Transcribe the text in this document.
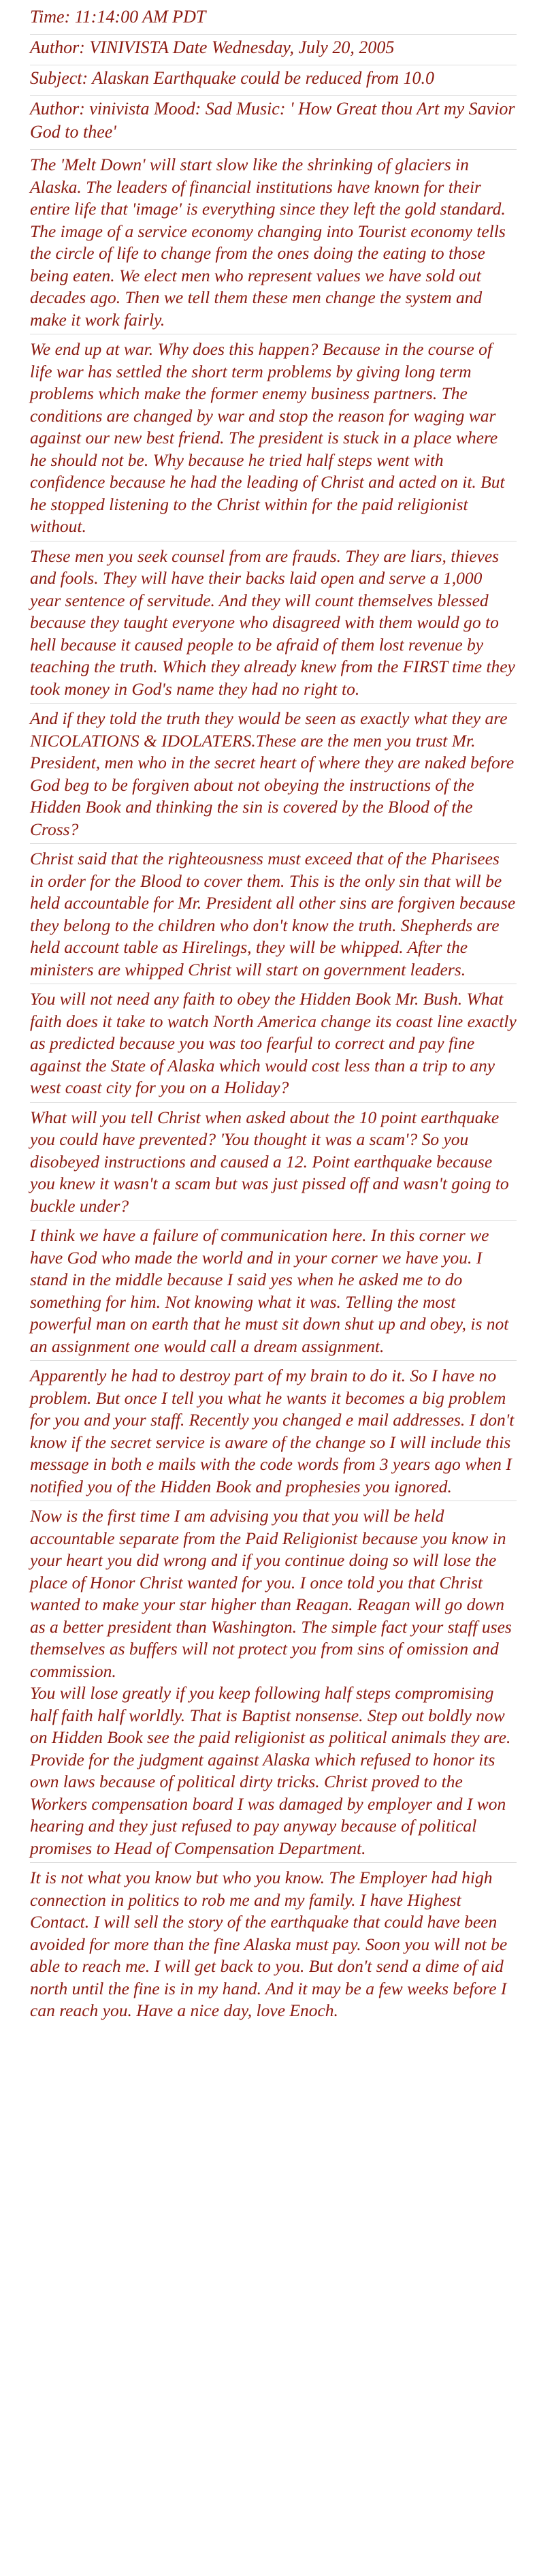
Time: 11:14:00 AM PDT

Author: VINIVISTA Date Wednesday, July 20, 2005

Subject: Alaskan Earthquake could be reduced from 10.0

Author: vinivista Mood: Sad Music: ' How Great thou Art my Savior God to thee'

The 'Melt Down' will start slow like the shrinking of glaciers in Alaska. The leaders of financial institutions have known for their entire life that 'image' is everything since they left the gold standard. The image of a service economy changing into Tourist economy tells the circle of life to change from the ones doing the eating to those being eaten. We elect men who represent values we have sold out decades ago. Then we tell them these men change the system and make it work fairly.

We end up at war. Why does this happen? Because in the course of life war has settled the short term problems by giving long term problems which make the former enemy business partners. The conditions are changed by war and stop the reason for waging war against our new best friend. The president is stuck in a place where he should not be. Why because he tried half steps went with confidence because he had the leading of Christ and acted on it. But he stopped listening to the Christ within for the paid religionist without.

These men you seek counsel from are frauds. They are liars, thieves and fools. They will have their backs laid open and serve a 1,000 year sentence of servitude. And they will count themselves blessed because they taught everyone who disagreed with them would go to hell because it caused people to be afraid of them lost revenue by teaching the truth. Which they already knew from the FIRST time they took money in God's name they had no right to.

And if they told the truth they would be seen as exactly what they are NICOLATIONS & IDOLATERS.These are the men you trust Mr. President, men who in the secret heart of where they are naked before God beg to be forgiven about not obeying the instructions of the Hidden Book and thinking the sin is covered by the Blood of the Cross?

Christ said that the righteousness must exceed that of the Pharisees in order for the Blood to cover them. This is the only sin that will be held accountable for Mr. President all other sins are forgiven because they belong to the children who don't know the truth. Shepherds are held account table as Hirelings, they will be whipped. After the ministers are whipped Christ will start on government leaders.

You will not need any faith to obey the Hidden Book Mr. Bush. What faith does it take to watch North America change its coast line exactly as predicted because you was too fearful to correct and pay fine against the State of Alaska which would cost less than a trip to any west coast city for you on a Holiday?

What will you tell Christ when asked about the 10 point earthquake you could have prevented? 'You thought it was a scam'? So you disobeyed instructions and caused a 12. Point earthquake because you knew it wasn't a scam but was just pissed off and wasn't going to buckle under?

I think we have a failure of communication here. In this corner we have God who made the world and in your corner we have you. I stand in the middle because I said yes when he asked me to do something for him. Not knowing what it was. Telling the most powerful man on earth that he must sit down shut up and obey, is not an assignment one would call a dream assignment.

Apparently he had to destroy part of my brain to do it. So I have no problem. But once I tell you what he wants it becomes a big problem for you and your staff. Recently you changed e mail addresses. I don't know if the secret service is aware of the change so I will include this message in both e mails with the code words from 3 years ago when I notified you of the Hidden Book and prophesies you ignored.

Now is the first time I am advising you that you will be held accountable separate from the Paid Religionist because you know in your heart you did wrong and if you continue doing so will lose the place of Honor Christ wanted for you. I once told you that Christ wanted to make your star higher than Reagan. Reagan will go down as a better president than Washington. The simple fact your staff uses themselves as buffers will not protect you from sins of omission and commission.

You will lose greatly if you keep following half steps compromising half faith half worldly. That is Baptist nonsense. Step out boldly now on Hidden Book see the paid religionist as political animals they are. Provide for the judgment against Alaska which refused to honor its own laws because of political dirty tricks. Christ proved to the Workers compensation board I was damaged by employer and I won hearing and they just refused to pay anyway because of political promises to Head of Compensation Department.

It is not what you know but who you know. The Employer had high connection in politics to rob me and my family. I have Highest Contact. I will sell the story of the earthquake that could have been avoided for more than the fine Alaska must pay. Soon you will not be able to reach me. I will get back to you. But don't send a dime of aid north until the fine is in my hand. And it may be a few weeks before I can reach you. Have a nice day, love Enoch.
